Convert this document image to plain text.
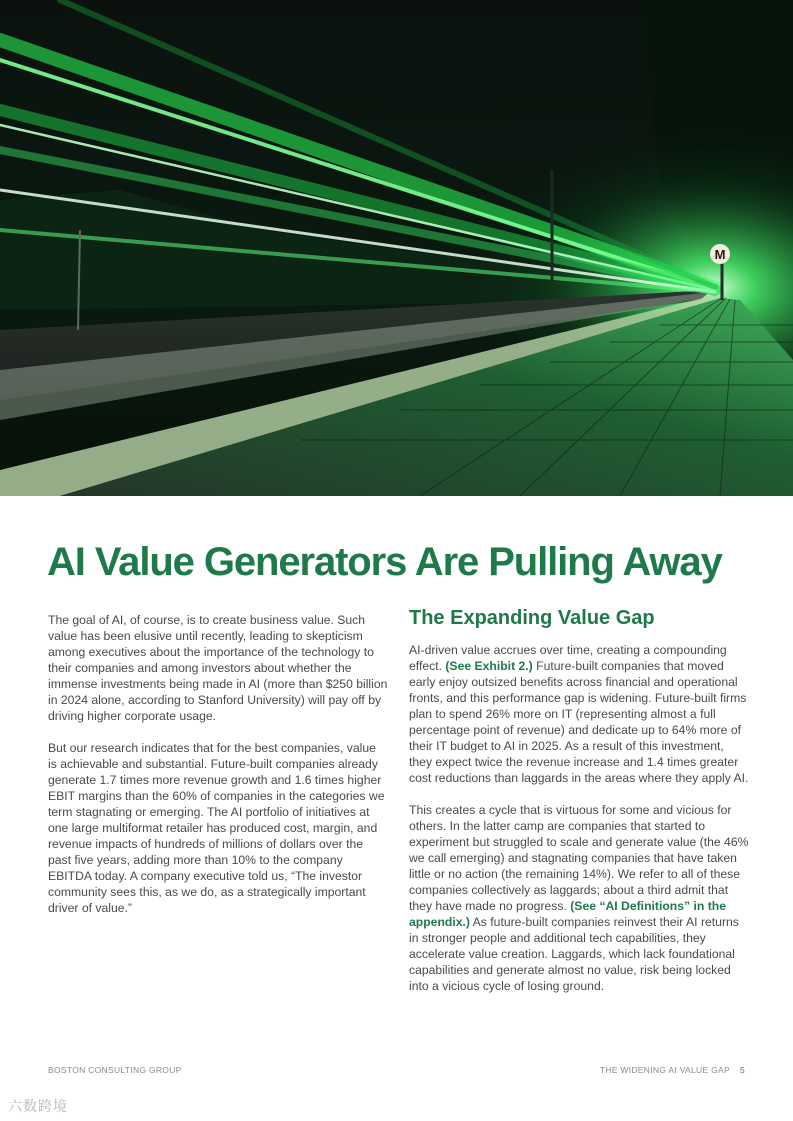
M
AI Value Generators Are Pulling Away

The goal of AI, of course, is to create business value. Such value has been elusive until recently, leading to skepticism among executives about the importance of the technology to their companies and among investors about whether the immense investments being made in AI (more than $250 billion in 2024 alone, according to Stanford University) will pay off by driving higher corporate usage.

But our research indicates that for the best companies, value is achievable and substantial. Future-built companies already generate 1.7 times more revenue growth and 1.6 times higher EBIT margins than the 60% of companies in the categories we term stagnating or emerging. The AI portfolio of initiatives at one large multiformat retailer has produced cost, margin, and revenue impacts of hundreds of millions of dollars over the past five years, adding more than 10% to the company EBITDA today. A company executive told us, “The investor community sees this, as we do, as a strategically important driver of value.”

The Expanding Value Gap

AI-driven value accrues over time, creating a compounding effect. (See Exhibit 2.) Future-built companies that moved early enjoy outsized benefits across financial and operational fronts, and this performance gap is widening. Future-built firms plan to spend 26% more on IT (representing almost a full percentage point of revenue) and dedicate up to 64% more of their IT budget to AI in 2025. As a result of this investment, they expect twice the revenue increase and 1.4 times greater cost reductions than laggards in the areas where they apply AI.

This creates a cycle that is virtuous for some and vicious for others. In the latter camp are companies that started to experiment but struggled to scale and generate value (the 46% we call emerging) and stagnating companies that have taken little or no action (the remaining 14%). We refer to all of these companies collectively as laggards; about a third admit that they have made no progress. (See “AI Definitions” in the appendix.) As future-built companies reinvest their AI returns in stronger people and additional tech capabilities, they accelerate value creation. Laggards, which lack foundational capabilities and generate almost no value, risk being locked into a vicious cycle of losing ground.

BOSTON CONSULTING GROUP	THE WIDENING AI VALUE GAP 5
六数跨境
